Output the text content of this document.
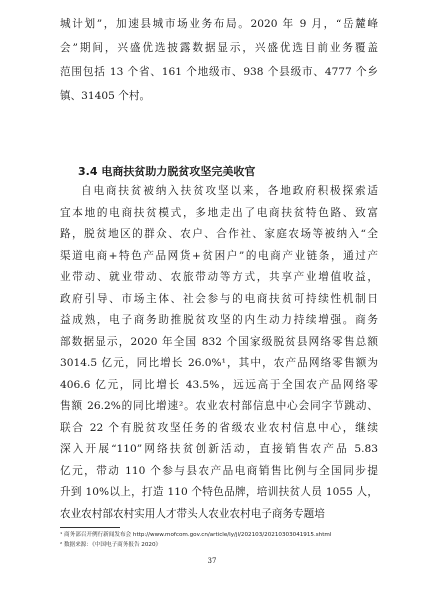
城计划”，加速县城市场业务布局。2020 年 9 月，“岳麓峰
会”期间，兴盛优选披露数据显示，兴盛优选目前业务覆盖
范围包括 13 个省、161 个地级市、938 个县级市、4777 个乡
镇、31405 个村。
3.4 电商扶贫助力脱贫攻坚完美收官
自电商扶贫被纳入扶贫攻坚以来，各地政府积极探索适
宜本地的电商扶贫模式，多地走出了电商扶贫特色路、致富
路，脱贫地区的群众、农户、合作社、家庭农场等被纳入“全
渠道电商+特色产品网货+贫困户”的电商产业链条，通过产
业带动、就业带动、农旅带动等方式，共享产业增值收益，
政府引导、市场主体、社会参与的电商扶贫可持续性机制日
益成熟，电子商务助推脱贫攻坚的内生动力持续增强。商务
部数据显示，2020 年全国 832 个国家级脱贫县网络零售总额
3014.5 亿元，同比增长 26.0%¹，其中，农产品网络零售额为
406.6 亿元，同比增长 43.5%，远远高于全国农产品网络零
售额 26.2%的同比增速²。农业农村部信息中心会同字节跳动、
联合 22 个有脱贫攻坚任务的省级农业农村信息中心，继续
深入开展“110”网络扶贫创新活动，直接销售农产品 5.83
亿元，带动 110 个参与县农产品电商销售比例与全国同步提
升到 10%以上，打造 110 个特色品牌，培训扶贫人员 1055 人，
农业农村部农村实用人才带头人农业农村电子商务专题培
¹ 商务部召开例行新闻发布会 http://www.mofcom.gov.cn/article/ly/jl/202103/20210303041915.shtml
² 数据来源：《中国电子商务报告 2020》
37
